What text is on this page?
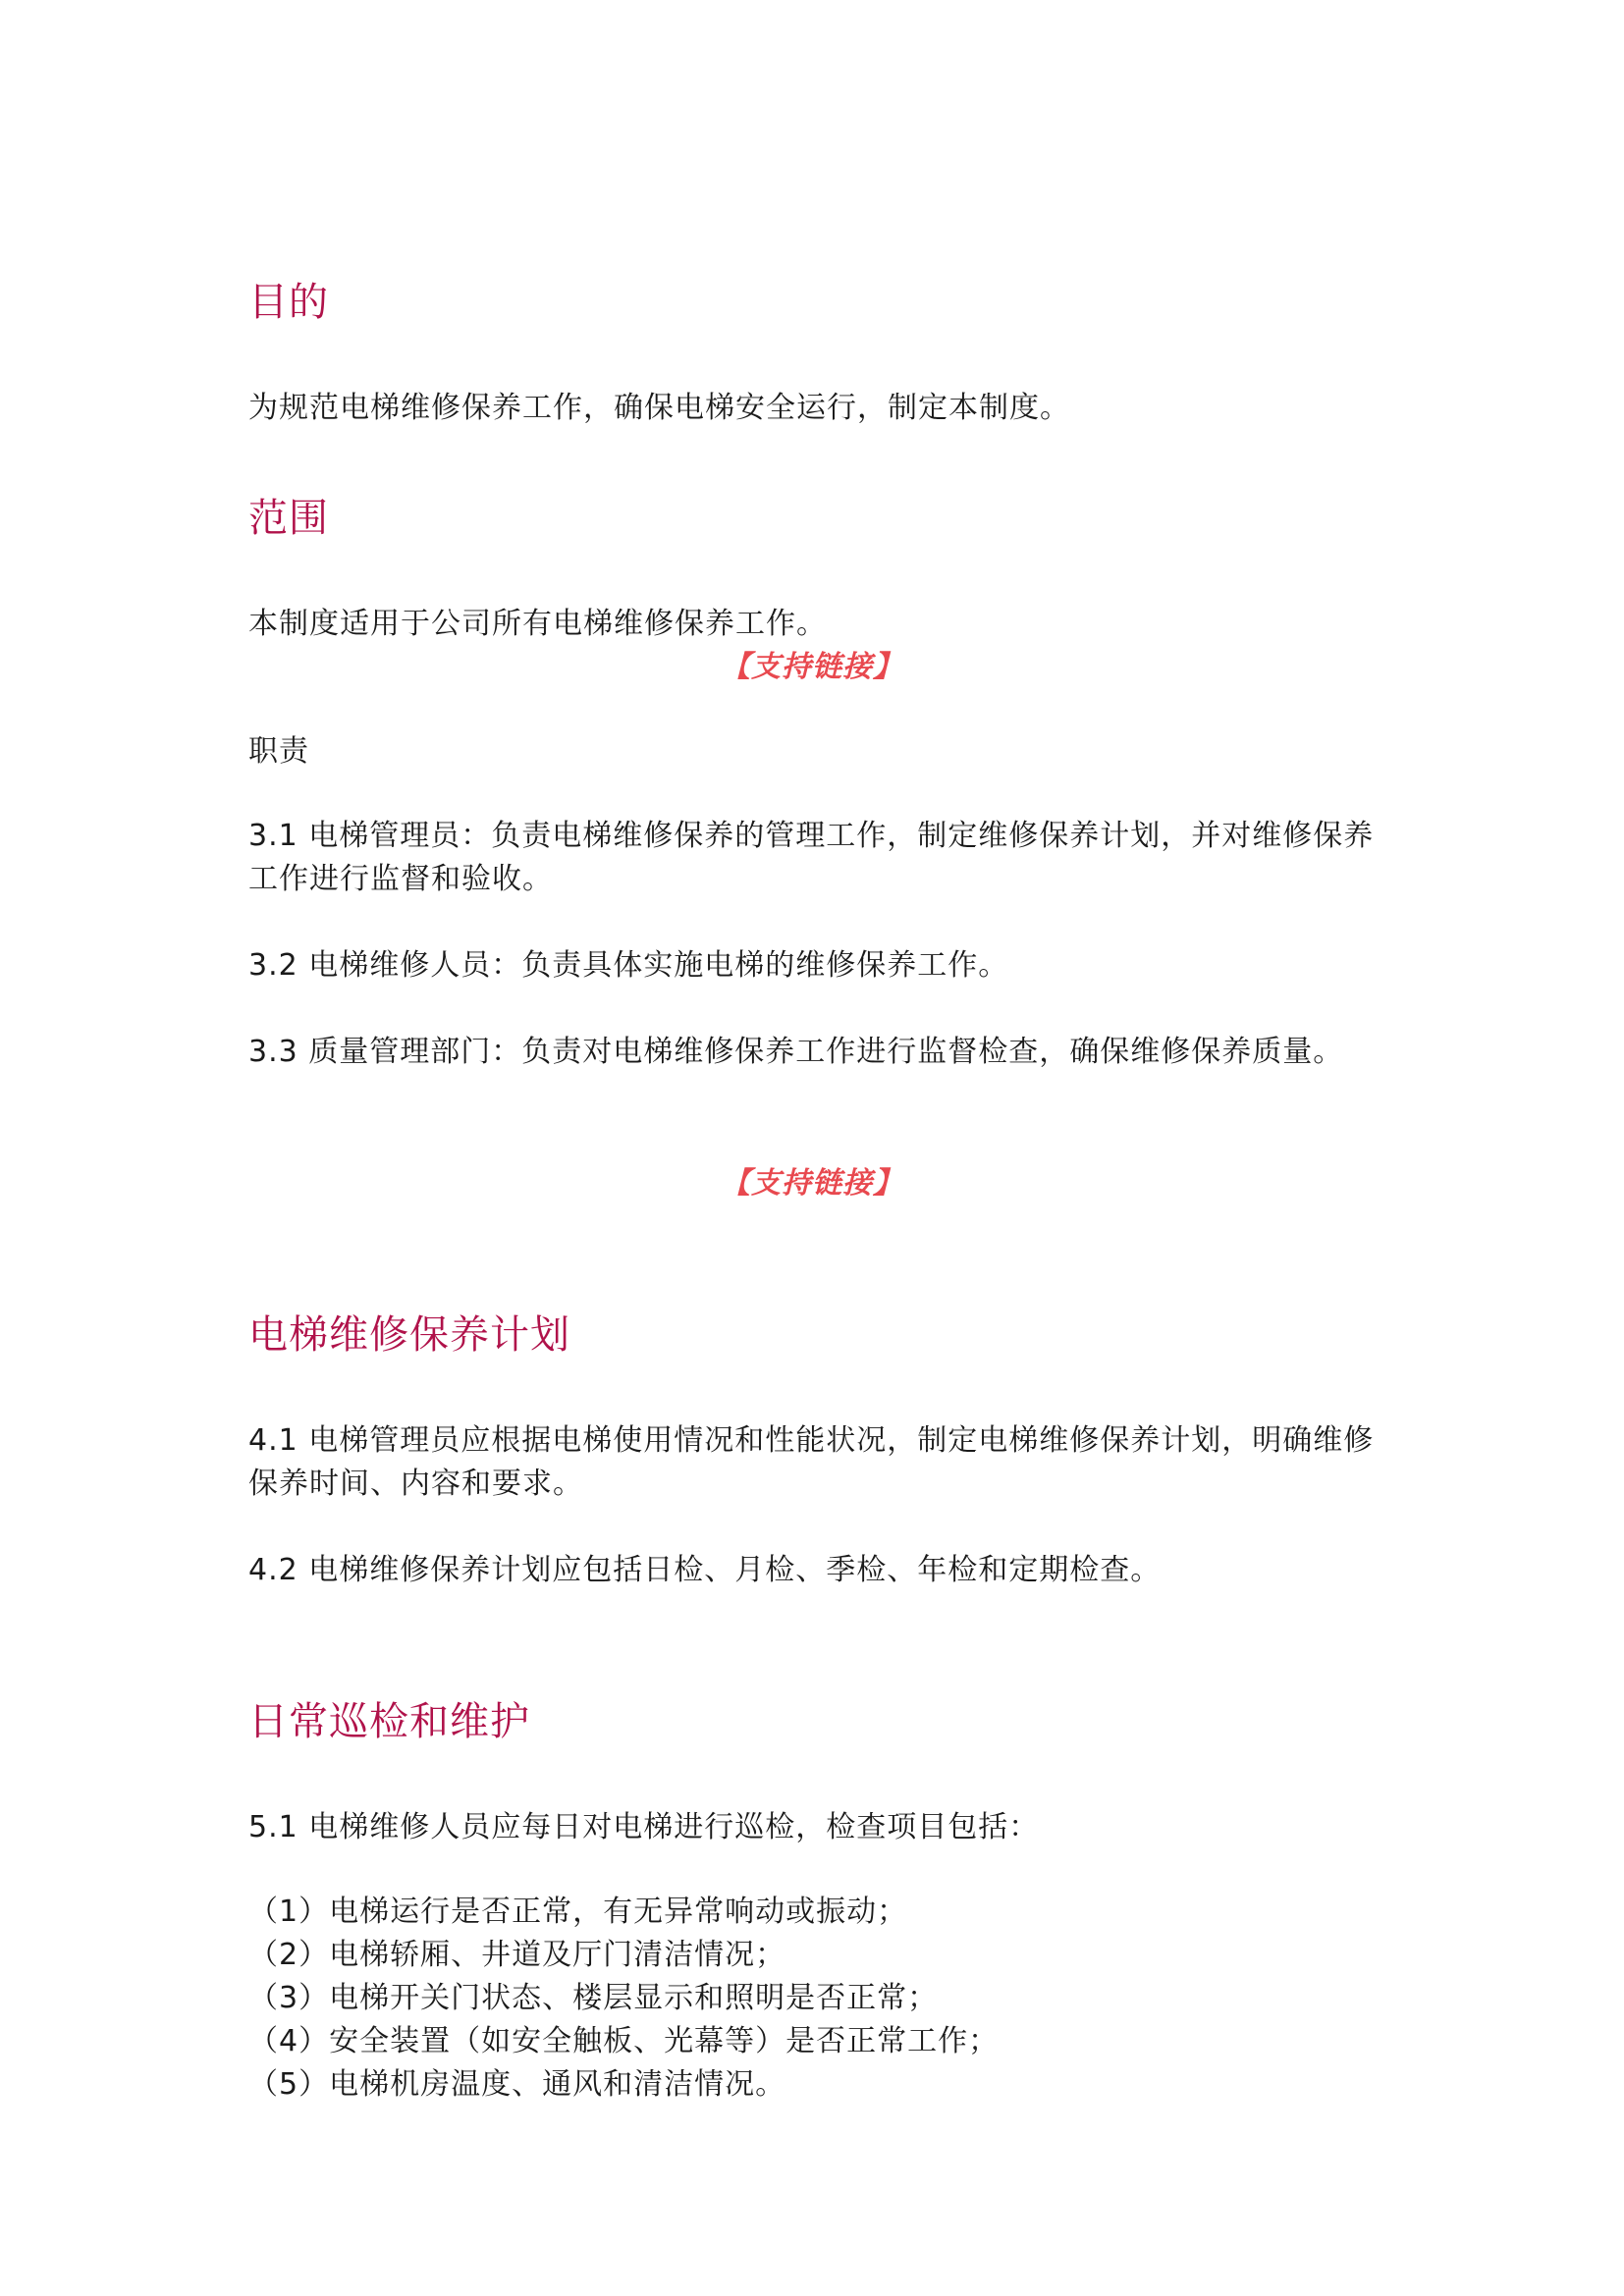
目的

为规范电梯维修保养工作，确保电梯安全运行，制定本制度。

范围

本制度适用于公司所有电梯维修保养工作。

【支持链接】

职责

3.1 电梯管理员：负责电梯维修保养的管理工作，制定维修保养计划，并对维修保养工作进行监督和验收。

3.2 电梯维修人员：负责具体实施电梯的维修保养工作。

3.3 质量管理部门：负责对电梯维修保养工作进行监督检查，确保维修保养质量。

【支持链接】
电梯维修保养计划

4.1 电梯管理员应根据电梯使用情况和性能状况，制定电梯维修保养计划，明确维修保养时间、内容和要求。

4.2 电梯维修保养计划应包括日检、月检、季检、年检和定期检查。

日常巡检和维护

5.1 电梯维修人员应每日对电梯进行巡检，检查项目包括：

（1）电梯运行是否正常，有无异常响动或振动；
（2）电梯轿厢、井道及厅门清洁情况；
（3）电梯开关门状态、楼层显示和照明是否正常；
（4）安全装置（如安全触板、光幕等）是否正常工作；
（5）电梯机房温度、通风和清洁情况。
